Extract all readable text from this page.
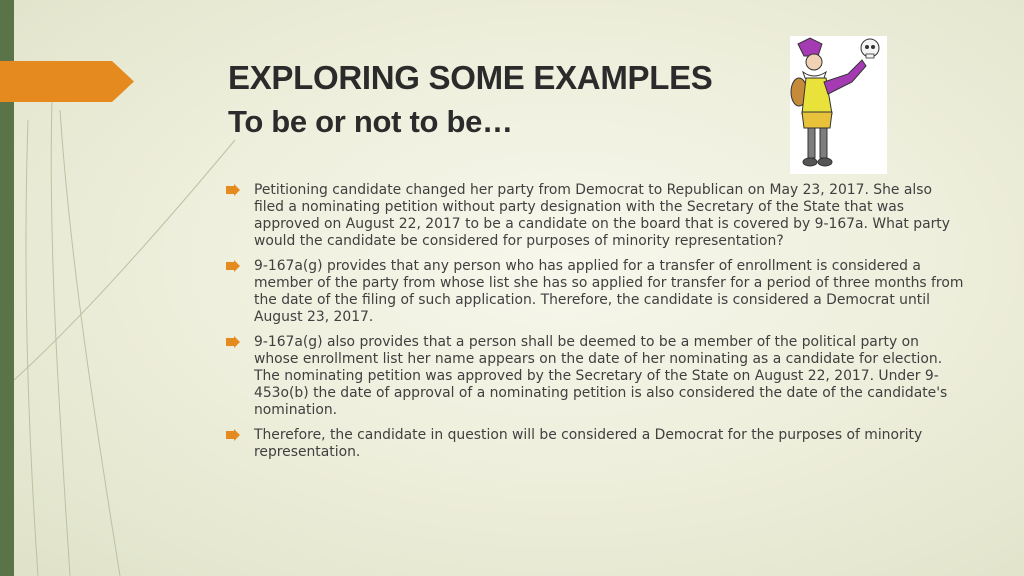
EXPLORING SOME EXAMPLES
To be or not to be…
Petitioning candidate changed her party from Democrat to Republican on May 23, 2017. She also filed a nominating petition without party designation with the Secretary of the State that was approved on August 22, 2017 to be a candidate on the board that is covered by 9-167a. What party would the candidate be considered for purposes of minority representation?
9-167a(g) provides that any person who has applied for a transfer of enrollment is considered a member of the party from whose list she has so applied for transfer for a period of three months from the date of the filing of such application. Therefore, the candidate is considered a Democrat until August 23, 2017.
9-167a(g) also provides that a person shall be deemed to be a member of the political party on whose enrollment list her name appears on the date of her nominating as a candidate for election. The nominating petition was approved by the Secretary of the State on August 22, 2017. Under 9-453o(b) the date of approval of a nominating petition is also considered the date of the candidate's nomination.
Therefore, the candidate in question will be considered a Democrat for the purposes of minority representation.
